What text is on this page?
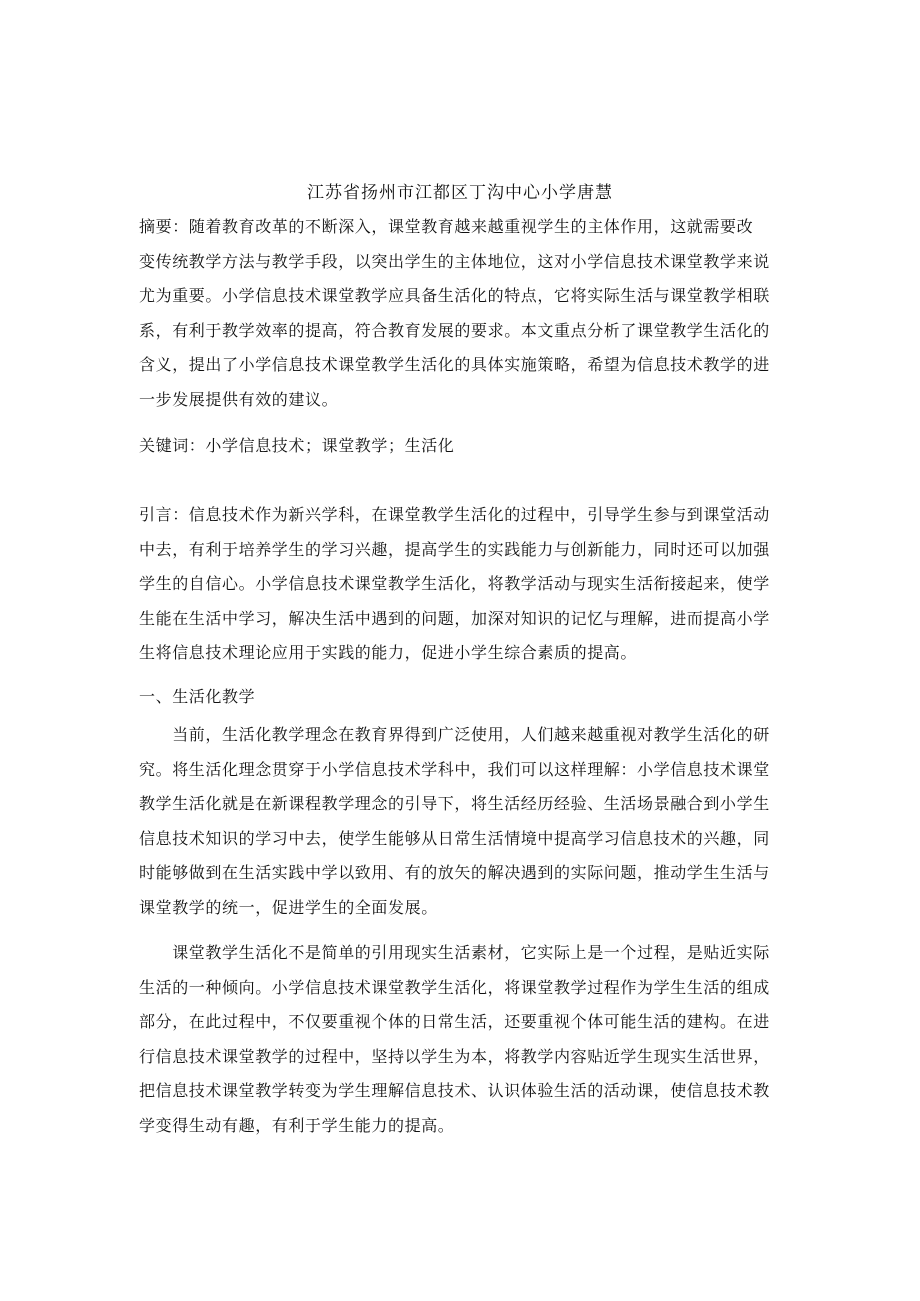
江苏省扬州市江都区丁沟中心小学唐慧

摘要：随着教育改革的不断深入，课堂教育越来越重视学生的主体作用，这就需要改
变传统教学方法与教学手段，以突出学生的主体地位，这对小学信息技术课堂教学来说
尤为重要。小学信息技术课堂教学应具备生活化的特点，它将实际生活与课堂教学相联
系，有利于教学效率的提高，符合教育发展的要求。本文重点分析了课堂教学生活化的
含义，提出了小学信息技术课堂教学生活化的具体实施策略，希望为信息技术教学的进
一步发展提供有效的建议。

关键词：小学信息技术；课堂教学；生活化

引言：信息技术作为新兴学科，在课堂教学生活化的过程中，引导学生参与到课堂活动
中去，有利于培养学生的学习兴趣，提高学生的实践能力与创新能力，同时还可以加强
学生的自信心。小学信息技术课堂教学生活化，将教学活动与现实生活衔接起来，使学
生能在生活中学习，解决生活中遇到的问题，加深对知识的记忆与理解，进而提高小学
生将信息技术理论应用于实践的能力，促进小学生综合素质的提高。

一、生活化教学

　　当前，生活化教学理念在教育界得到广泛使用，人们越来越重视对教学生活化的研
究。将生活化理念贯穿于小学信息技术学科中，我们可以这样理解：小学信息技术课堂
教学生活化就是在新课程教学理念的引导下，将生活经历经验、生活场景融合到小学生
信息技术知识的学习中去，使学生能够从日常生活情境中提高学习信息技术的兴趣，同
时能够做到在生活实践中学以致用、有的放矢的解决遇到的实际问题，推动学生生活与
课堂教学的统一，促进学生的全面发展。

　　课堂教学生活化不是简单的引用现实生活素材，它实际上是一个过程，是贴近实际
生活的一种倾向。小学信息技术课堂教学生活化，将课堂教学过程作为学生生活的组成
部分，在此过程中，不仅要重视个体的日常生活，还要重视个体可能生活的建构。在进
行信息技术课堂教学的过程中，坚持以学生为本，将教学内容贴近学生现实生活世界，
把信息技术课堂教学转变为学生理解信息技术、认识体验生活的活动课，使信息技术教
学变得生动有趣，有利于学生能力的提高。
